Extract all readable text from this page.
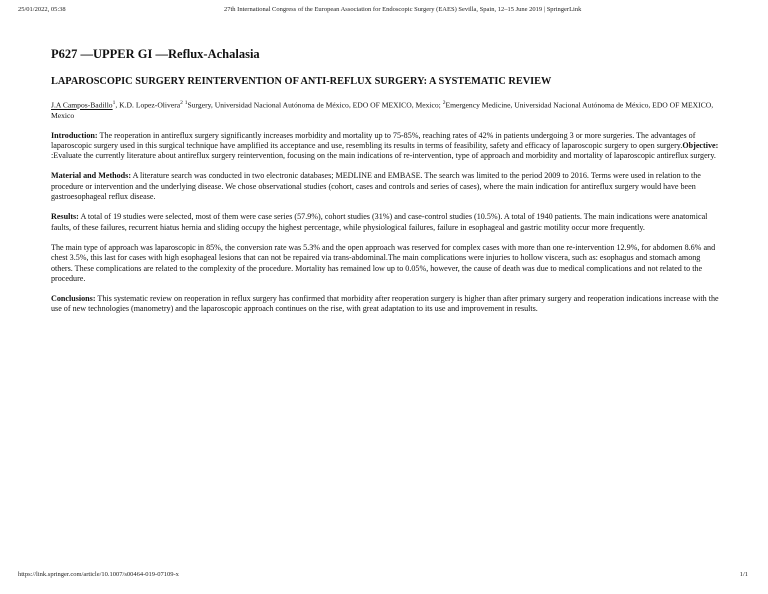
25/01/2022, 05:38	27th International Congress of the European Association for Endoscopic Surgery (EAES) Sevilla, Spain, 12–15 June 2019 | SpringerLink
P627 —UPPER GI —Reflux-Achalasia
LAPAROSCOPIC SURGERY REINTERVENTION OF ANTI-REFLUX SURGERY: A SYSTEMATIC REVIEW
J.A Campos-Badillo$^1$, K.D. Lopez-Olivera$^2$ $^1$Surgery, Universidad Nacional Autónoma de México, EDO OF MEXICO, Mexico; $^2$Emergency Medicine, Universidad Nacional Autónoma de México, EDO OF MEXICO, Mexico

Introduction: The reoperation in antireflux surgery significantly increases morbidity and mortality up to 75-85%, reaching rates of 42% in patients undergoing 3 or more surgeries. The advantages of laparoscopic surgery used in this surgical technique have amplified its acceptance and use, resembling its results in terms of feasibility, safety and efficacy of laparoscopic surgery to open surgery.Objective: :Evaluate the currently literature about antireflux surgery reintervention, focusing on the main indications of re-intervention, type of approach and morbidity and mortality of laparoscopic antireflux surgery.

Material and Methods: A literature search was conducted in two electronic databases; MEDLINE and EMBASE. The search was limited to the period 2009 to 2016. Terms were used in relation to the procedure or intervention and the underlying disease. We chose observational studies (cohort, cases and controls and series of cases), where the main indication for antireflux surgery would have been gastroesophageal reflux disease.

Results: A total of 19 studies were selected, most of them were case series (57.9%), cohort studies (31%) and case-control studies (10.5%). A total of 1940 patients. The main indications were anatomical faults, of these failures, recurrent hiatus hernia and sliding occupy the highest percentage, while physiological failures, failure in esophageal and gastric motility occur more frequently.

The main type of approach was laparoscopic in 85%, the conversion rate was 5.3% and the open approach was reserved for complex cases with more than one re-intervention 12.9%, for abdomen 8.6% and chest 3.5%, this last for cases with high esophageal lesions that can not be repaired via trans-abdominal.The main complications were injuries to hollow viscera, such as: esophagus and stomach among others. These complications are related to the complexity of the procedure. Mortality has remained low up to 0.05%, however, the cause of death was due to medical complications and not related to the procedure.

Conclusions: This systematic review on reoperation in reflux surgery has confirmed that morbidity after reoperation surgery is higher than after primary surgery and reoperation indications increase with the use of new technologies (manometry) and the laparoscopic approach continues on the rise, with great adaptation to its use and improvement in results.

https://link.springer.com/article/10.1007/s00464-019-07109-x	1/1
